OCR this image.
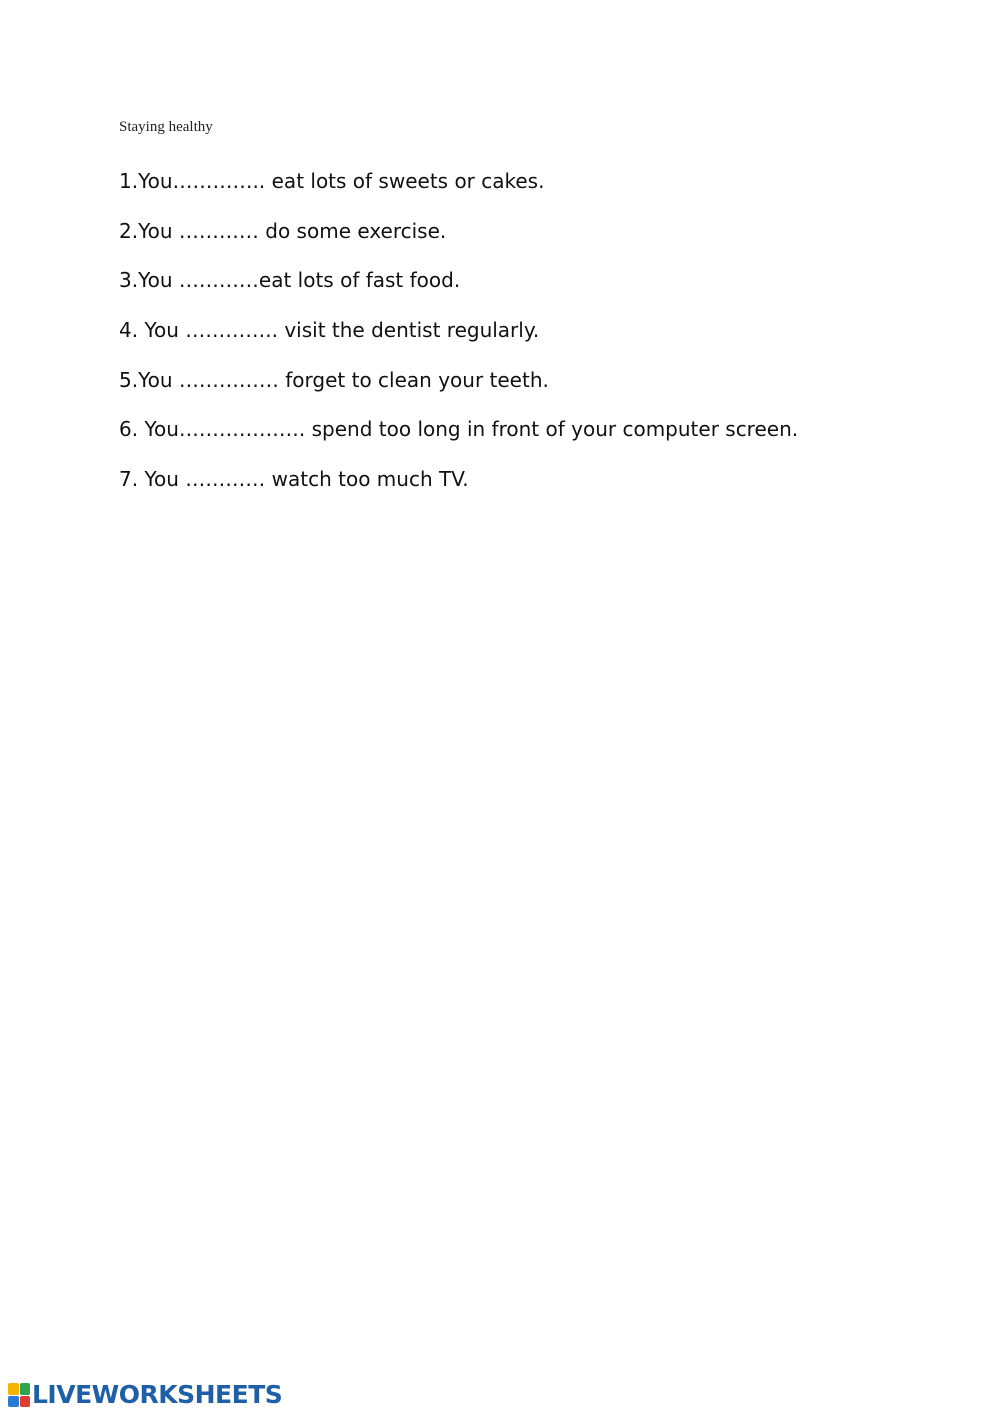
Staying healthy
1.You………….. eat lots of sweets or cakes.
2.You ………… do some exercise.
3.You …………eat lots of fast food.
4. You ………….. visit the dentist regularly.
5.You …………… forget to clean your teeth.
6. You………………. spend too long in front of your computer screen.
7. You ………… watch too much TV.
LIVEWORKSHEETS
